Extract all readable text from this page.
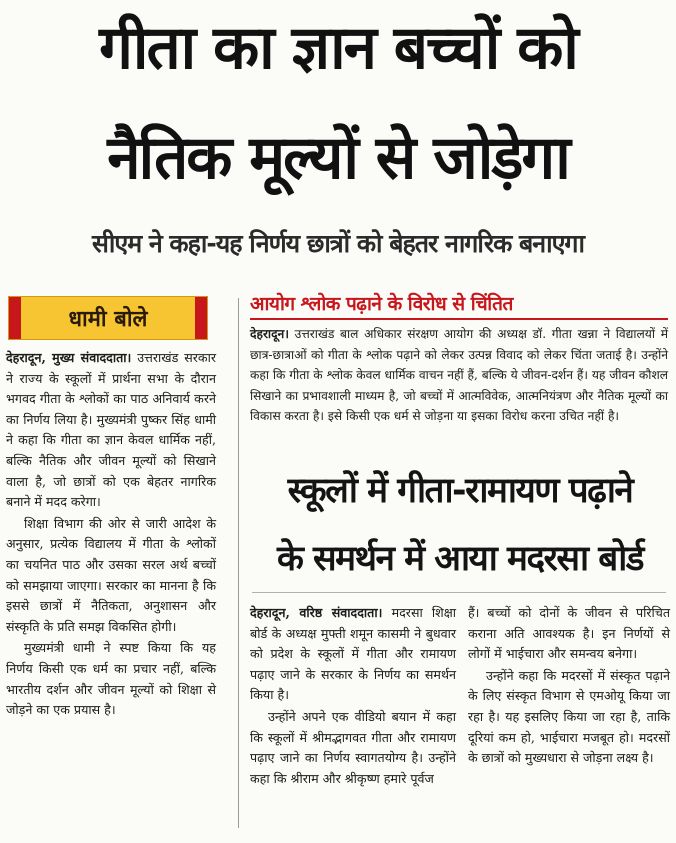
गीता का ज्ञान बच्चों को
नैतिक मूल्यों से जोड़ेगा
सीएम ने कहा-यह निर्णय छात्रों को बेहतर नागरिक बनाएगा
धामी बोले

देहरादून, मुख्य संवाददाता। उत्तराखंड सरकार ने राज्य के स्कूलों में प्रार्थना सभा के दौरान भगवद गीता के श्लोकों का पाठ अनिवार्य करने का निर्णय लिया है। मुख्यमंत्री पुष्कर सिंह धामी ने कहा कि गीता का ज्ञान केवल धार्मिक नहीं, बल्कि नैतिक और जीवन मूल्यों को सिखाने वाला है, जो छात्रों को एक बेहतर नागरिक बनाने में मदद करेगा।

शिक्षा विभाग की ओर से जारी आदेश के अनुसार, प्रत्येक विद्यालय में गीता के श्लोकों का चयनित पाठ और उसका सरल अर्थ बच्चों को समझाया जाएगा। सरकार का मानना है कि इससे छात्रों में नैतिकता, अनुशासन और संस्कृति के प्रति समझ विकसित होगी।

मुख्यमंत्री धामी ने स्पष्ट किया कि यह निर्णय किसी एक धर्म का प्रचार नहीं, बल्कि भारतीय दर्शन और जीवन मूल्यों को शिक्षा से जोड़ने का एक प्रयास है।

आयोग श्लोक पढ़ाने के विरोध से चिंतित

देहरादून। उत्तराखंड बाल अधिकार संरक्षण आयोग की अध्यक्ष डॉ. गीता खन्ना ने विद्यालयों में छात्र-छात्राओं को गीता के श्लोक पढ़ाने को लेकर उत्पन्न विवाद को लेकर चिंता जताई है। उन्होंने कहा कि गीता के श्लोक केवल धार्मिक वाचन नहीं हैं, बल्कि ये जीवन-दर्शन हैं। यह जीवन कौशल सिखाने का प्रभावशाली माध्यम है, जो बच्चों में आत्मविवेक, आत्मनियंत्रण और नैतिक मूल्यों का विकास करता है। इसे किसी एक धर्म से जोड़ना या इसका विरोध करना उचित नहीं है।

स्कूलों में गीता-रामायण पढ़ाने
के समर्थन में आया मदरसा बोर्ड

देहरादून, वरिष्ठ संवाददाता। मदरसा शिक्षा बोर्ड के अध्यक्ष मुफ्ती शमून कासमी ने बुधवार को प्रदेश के स्कूलों में गीता और रामायण पढ़ाए जाने के सरकार के निर्णय का समर्थन किया है।

उन्होंने अपने एक वीडियो बयान में कहा कि स्कूलों में श्रीमद्भागवत गीता और रामायण पढ़ाए जाने का निर्णय स्वागतयोग्य है। उन्होंने कहा कि श्रीराम और श्रीकृष्ण हमारे पूर्वज

हैं। बच्चों को दोनों के जीवन से परिचित कराना अति आवश्यक है। इन निर्णयों से लोगों में भाईचारा और समन्वय बनेगा।

उन्होंने कहा कि मदरसों में संस्कृत पढ़ाने के लिए संस्कृत विभाग से एमओयू किया जा रहा है। यह इसलिए किया जा रहा है, ताकि दूरियां कम हो, भाईचारा मजबूत हो। मदरसों के छात्रों को मुख्यधारा से जोड़ना लक्ष्य है।
